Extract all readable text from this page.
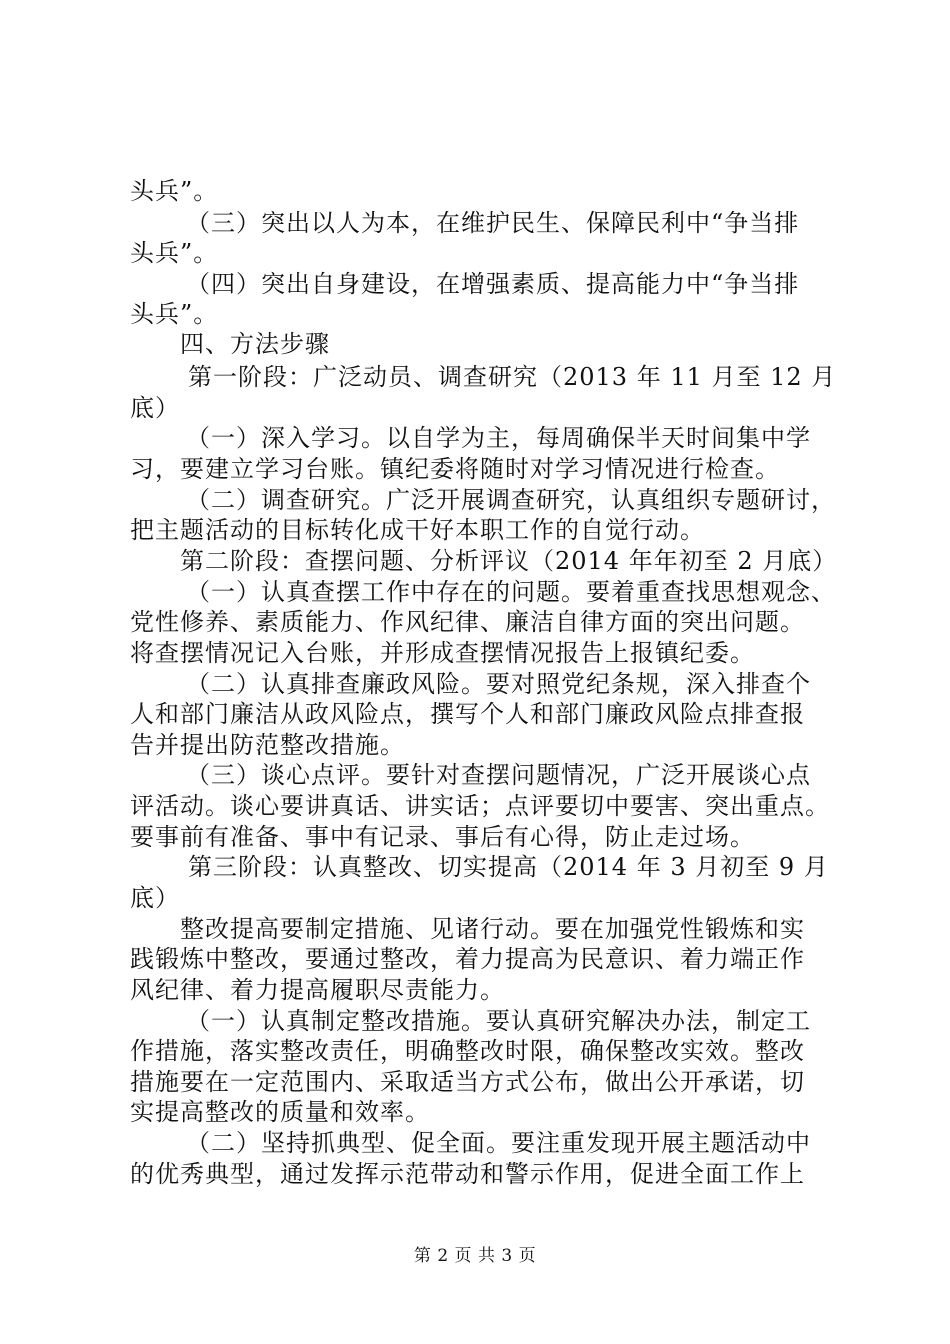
头兵”。
（三）突出以人为本，在维护民生、保障民利中“争当排
头兵”。
（四）突出自身建设，在增强素质、提高能力中“争当排
头兵”。
四、方法步骤
第一阶段：广泛动员、调查研究（2013 年 11 月至 12 月
底）
（一）深入学习。以自学为主，每周确保半天时间集中学
习，要建立学习台账。镇纪委将随时对学习情况进行检查。
（二）调查研究。广泛开展调查研究，认真组织专题研讨，
把主题活动的目标转化成干好本职工作的自觉行动。
第二阶段：查摆问题、分析评议（2014 年年初至 2 月底）
（一）认真查摆工作中存在的问题。要着重查找思想观念、
党性修养、素质能力、作风纪律、廉洁自律方面的突出问题。
将查摆情况记入台账，并形成查摆情况报告上报镇纪委。
（二）认真排查廉政风险。要对照党纪条规，深入排查个
人和部门廉洁从政风险点，撰写个人和部门廉政风险点排查报
告并提出防范整改措施。
（三）谈心点评。要针对查摆问题情况，广泛开展谈心点
评活动。谈心要讲真话、讲实话；点评要切中要害、突出重点。
要事前有准备、事中有记录、事后有心得，防止走过场。
第三阶段：认真整改、切实提高（2014 年 3 月初至 9 月
底）
整改提高要制定措施、见诸行动。要在加强党性锻炼和实
践锻炼中整改，要通过整改，着力提高为民意识、着力端正作
风纪律、着力提高履职尽责能力。
（一）认真制定整改措施。要认真研究解决办法，制定工
作措施，落实整改责任，明确整改时限，确保整改实效。整改
措施要在一定范围内、采取适当方式公布，做出公开承诺，切
实提高整改的质量和效率。
（二）坚持抓典型、促全面。要注重发现开展主题活动中
的优秀典型，通过发挥示范带动和警示作用，促进全面工作上
第 2 页 共 3 页
